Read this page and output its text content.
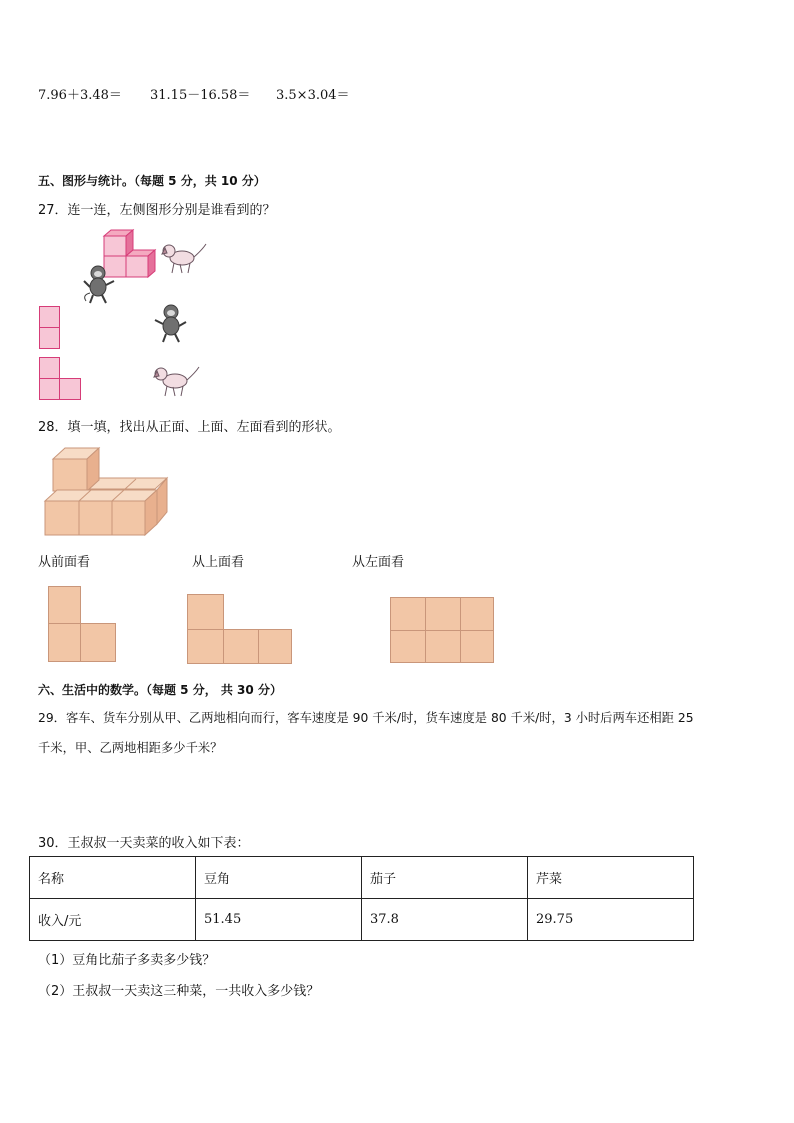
7.96＋3.48＝ 31.15－16.58＝ 3.5×3.04＝
五、图形与统计。（每题 5 分，共 10 分）
27．连一连，左侧图形分别是谁看到的？
28．填一填，找出从正面、上面、左面看到的形状。
从前面看	从上面看	从左面看
六、生活中的数学。（每题 5 分， 共 30 分）
29．客车、货车分别从甲、乙两地相向而行，客车速度是 90 千米/时，货车速度是 80 千米/时，3 小时后两车还相距 25
千米，甲、乙两地相距多少千米？
30．王叔叔一天卖菜的收入如下表：
名称	豆角	茄子	芹菜
收入/元	51.45	37.8	29.75
（1）豆角比茄子多卖多少钱？
（2）王叔叔一天卖这三种菜，一共收入多少钱？
